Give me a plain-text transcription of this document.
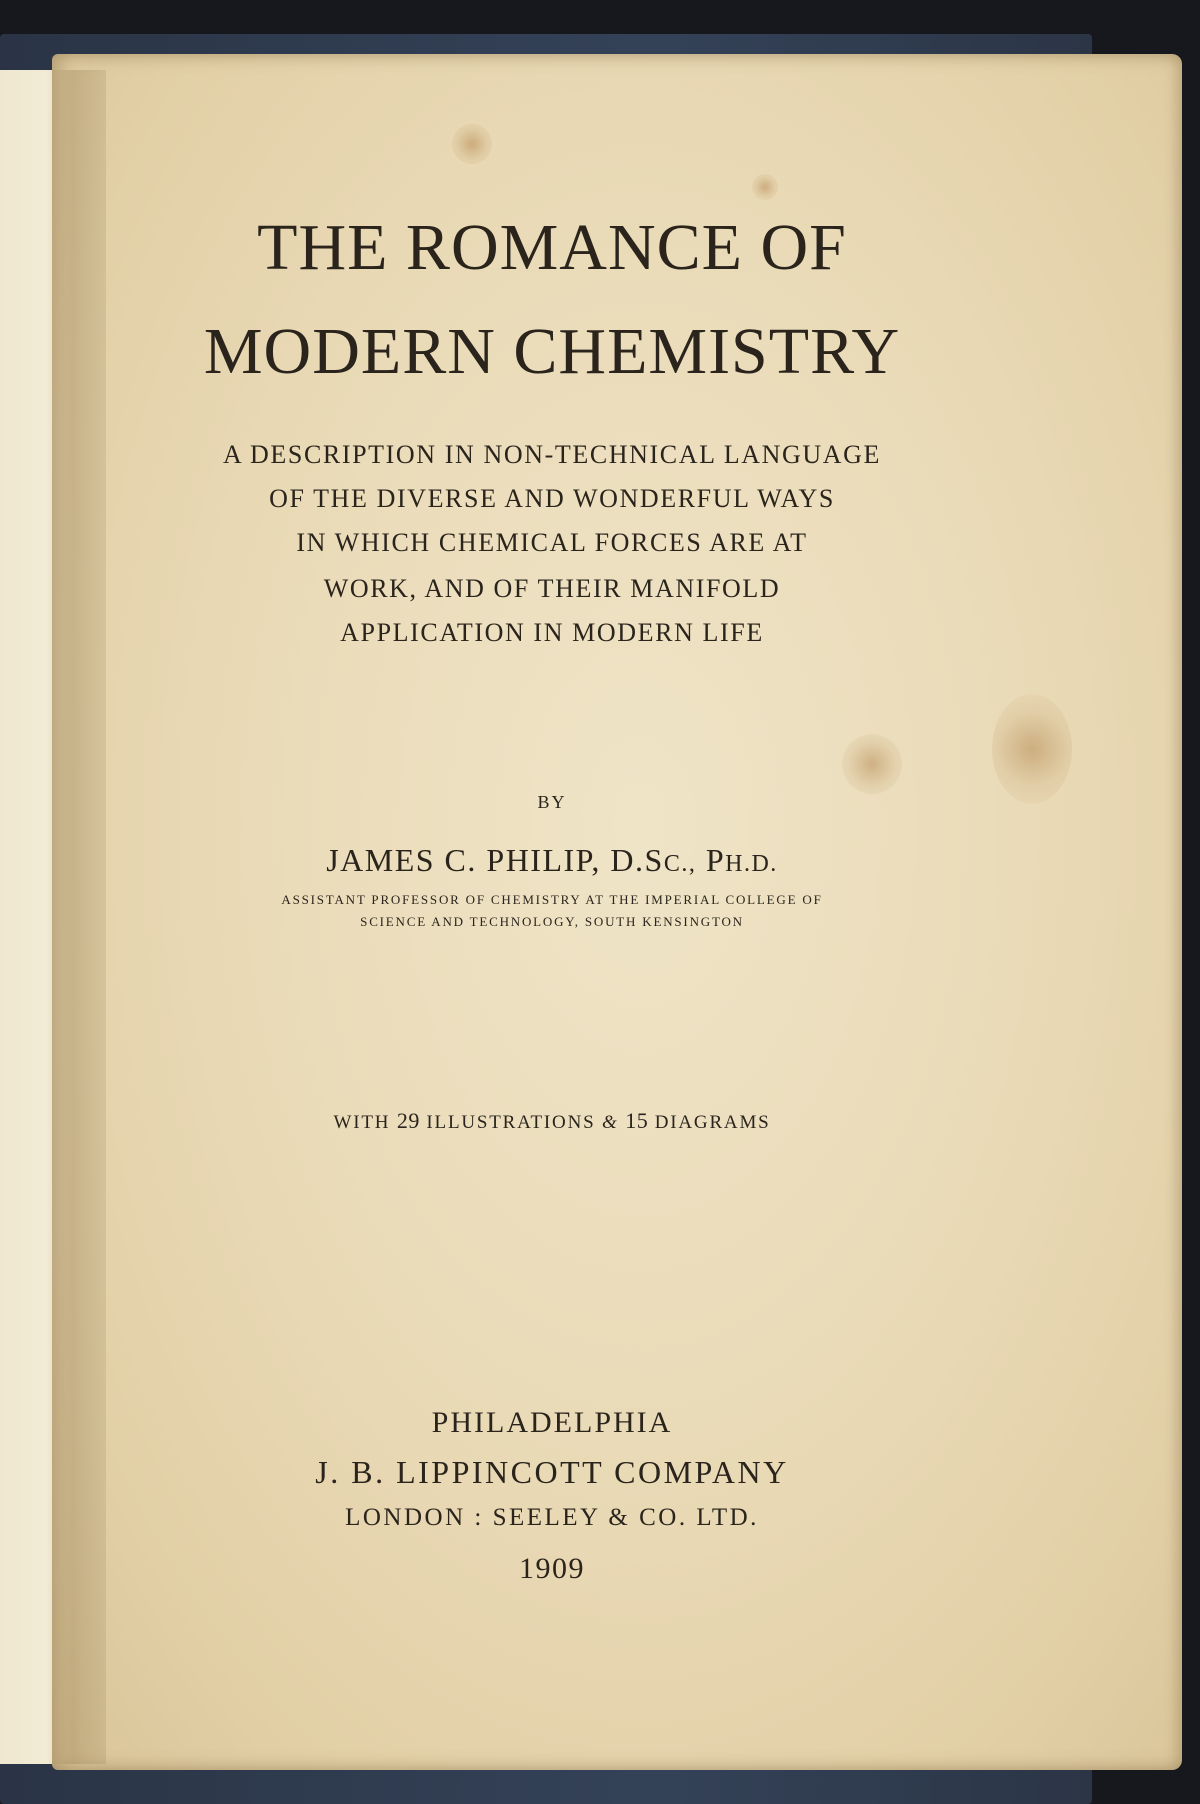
THE ROMANCE OF
MODERN CHEMISTRY

A DESCRIPTION IN NON-TECHNICAL LANGUAGE

OF THE DIVERSE AND WONDERFUL WAYS

IN WHICH CHEMICAL FORCES ARE AT

WORK, AND OF THEIR MANIFOLD

APPLICATION IN MODERN LIFE

BY

JAMES C. PHILIP, D.SC., PH.D.

ASSISTANT PROFESSOR OF CHEMISTRY AT THE IMPERIAL COLLEGE OF

SCIENCE AND TECHNOLOGY, SOUTH KENSINGTON

WITH 29 ILLUSTRATIONS & 15 DIAGRAMS

PHILADELPHIA

J. B. LIPPINCOTT COMPANY

LONDON : SEELEY & CO. LTD.

1909
